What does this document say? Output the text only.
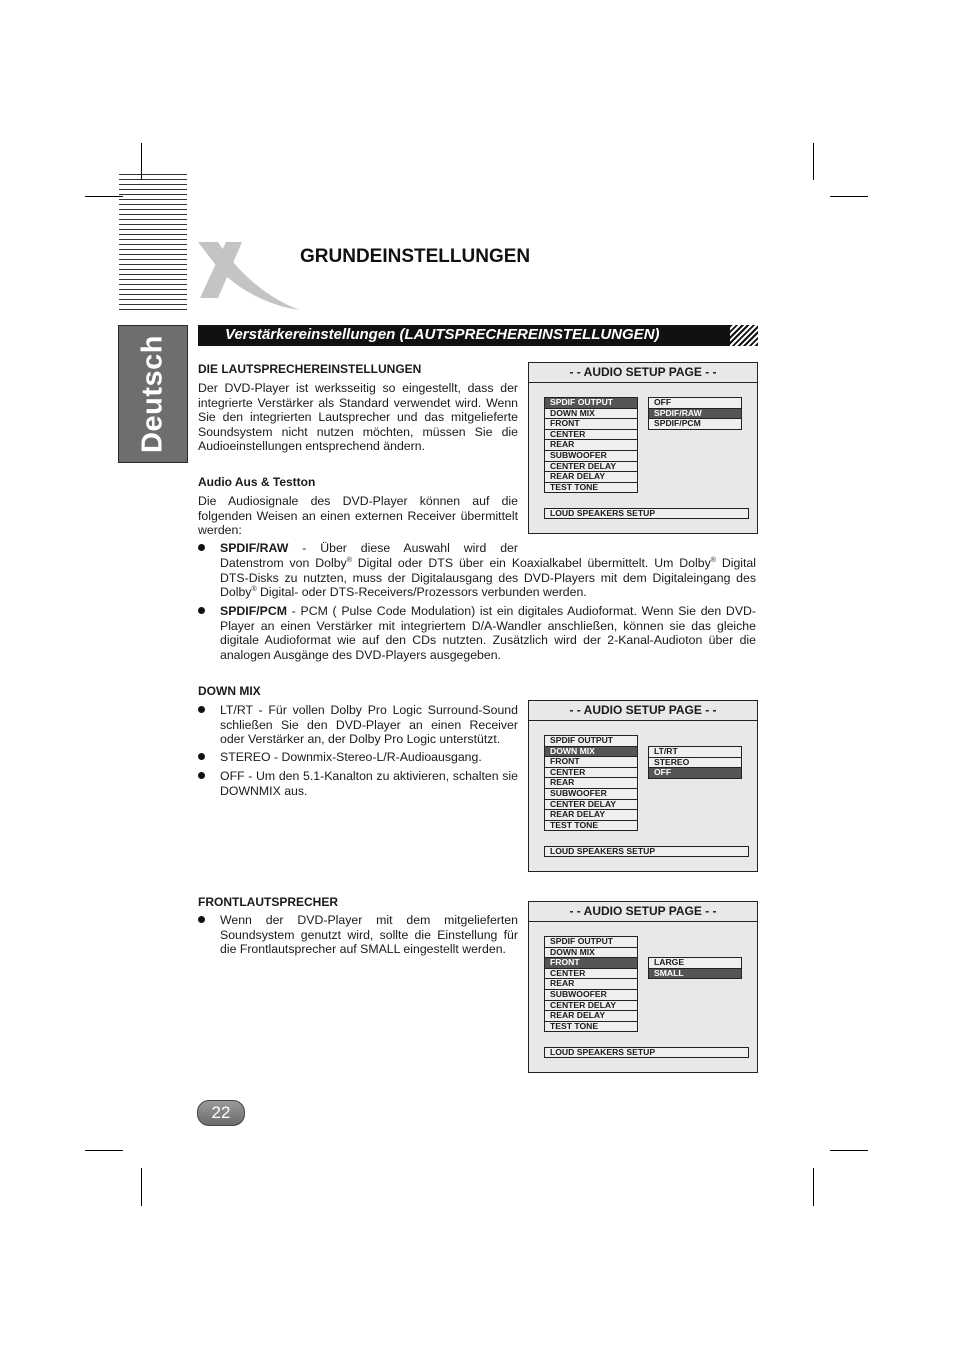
Deutsch
GRUNDEINSTELLUNGEN
Verstärkereinstellungen (LAUTSPRECHEREINSTELLUNGEN)
DIE LAUTSPRECHEREINSTELLUNGEN
Der DVD-Player ist werksseitig so eingestellt, dass der
integrierte Verstärker als Standard verwendet wird. Wenn
Sie den integrierten Lautsprecher und das mitgelieferte
Soundsystem nicht nutzen möchten, müssen Sie die
Audioeinstellungen entsprechend ändern.
Audio Aus & Testton
Die Audiosignale des DVD-Player können auf die
folgenden Weisen an einen externen Receiver übermittelt
werden:
SPDIF/RAW - Über diese Auswahl wird der
Datenstrom von Dolby® Digital oder DTS über ein Koaxialkabel übermittelt. Um Dolby® Digital
DTS-Disks zu nutzten, muss der Digitalausgang des DVD-Players mit dem Digitaleingang des
Dolby® Digital- oder DTS-Receivers/Prozessors verbunden werden.
SPDIF/PCM - PCM ( Pulse Code Modulation) ist ein digitales Audioformat. Wenn Sie den DVD-
Player an einen Verstärker mit integriertem D/A-Wandler anschließen, können sie das gleiche
digitale Audioformat wie auf den CDs nutzten. Zusätzlich wird der 2-Kanal-Audioton über die
analogen Ausgänge des DVD-Players ausgegeben.
DOWN MIX
LT/RT - Für vollen Dolby Pro Logic Surround-Sound
schließen Sie den DVD-Player an einen Receiver
oder Verstärker an, der Dolby Pro Logic unterstützt.
STEREO - Downmix-Stereo-L/R-Audioausgang.
OFF - Um den 5.1-Kanalton zu aktivieren, schalten sie
DOWNMIX aus.
FRONTLAUTSPRECHER
Wenn der DVD-Player mit dem mitgelieferten
Soundsystem genutzt wird, sollte die Einstellung für
die Frontlautsprecher auf SMALL eingestellt werden.
- - AUDIO SETUP PAGE - -
SPDIF OUTPUT
DOWN MIX
FRONT
CENTER
REAR
SUBWOOFER
CENTER DELAY
REAR DELAY
TEST TONE
OFF
SPDIF/RAW
SPDIF/PCM
LOUD SPEAKERS SETUP
- - AUDIO SETUP PAGE - -
SPDIF OUTPUT
DOWN MIX
FRONT
CENTER
REAR
SUBWOOFER
CENTER DELAY
REAR DELAY
TEST TONE
LT/RT
STEREO
OFF
LOUD SPEAKERS SETUP
- - AUDIO SETUP PAGE - -
SPDIF OUTPUT
DOWN MIX
FRONT
CENTER
REAR
SUBWOOFER
CENTER DELAY
REAR DELAY
TEST TONE
LARGE
SMALL
LOUD SPEAKERS SETUP
22
